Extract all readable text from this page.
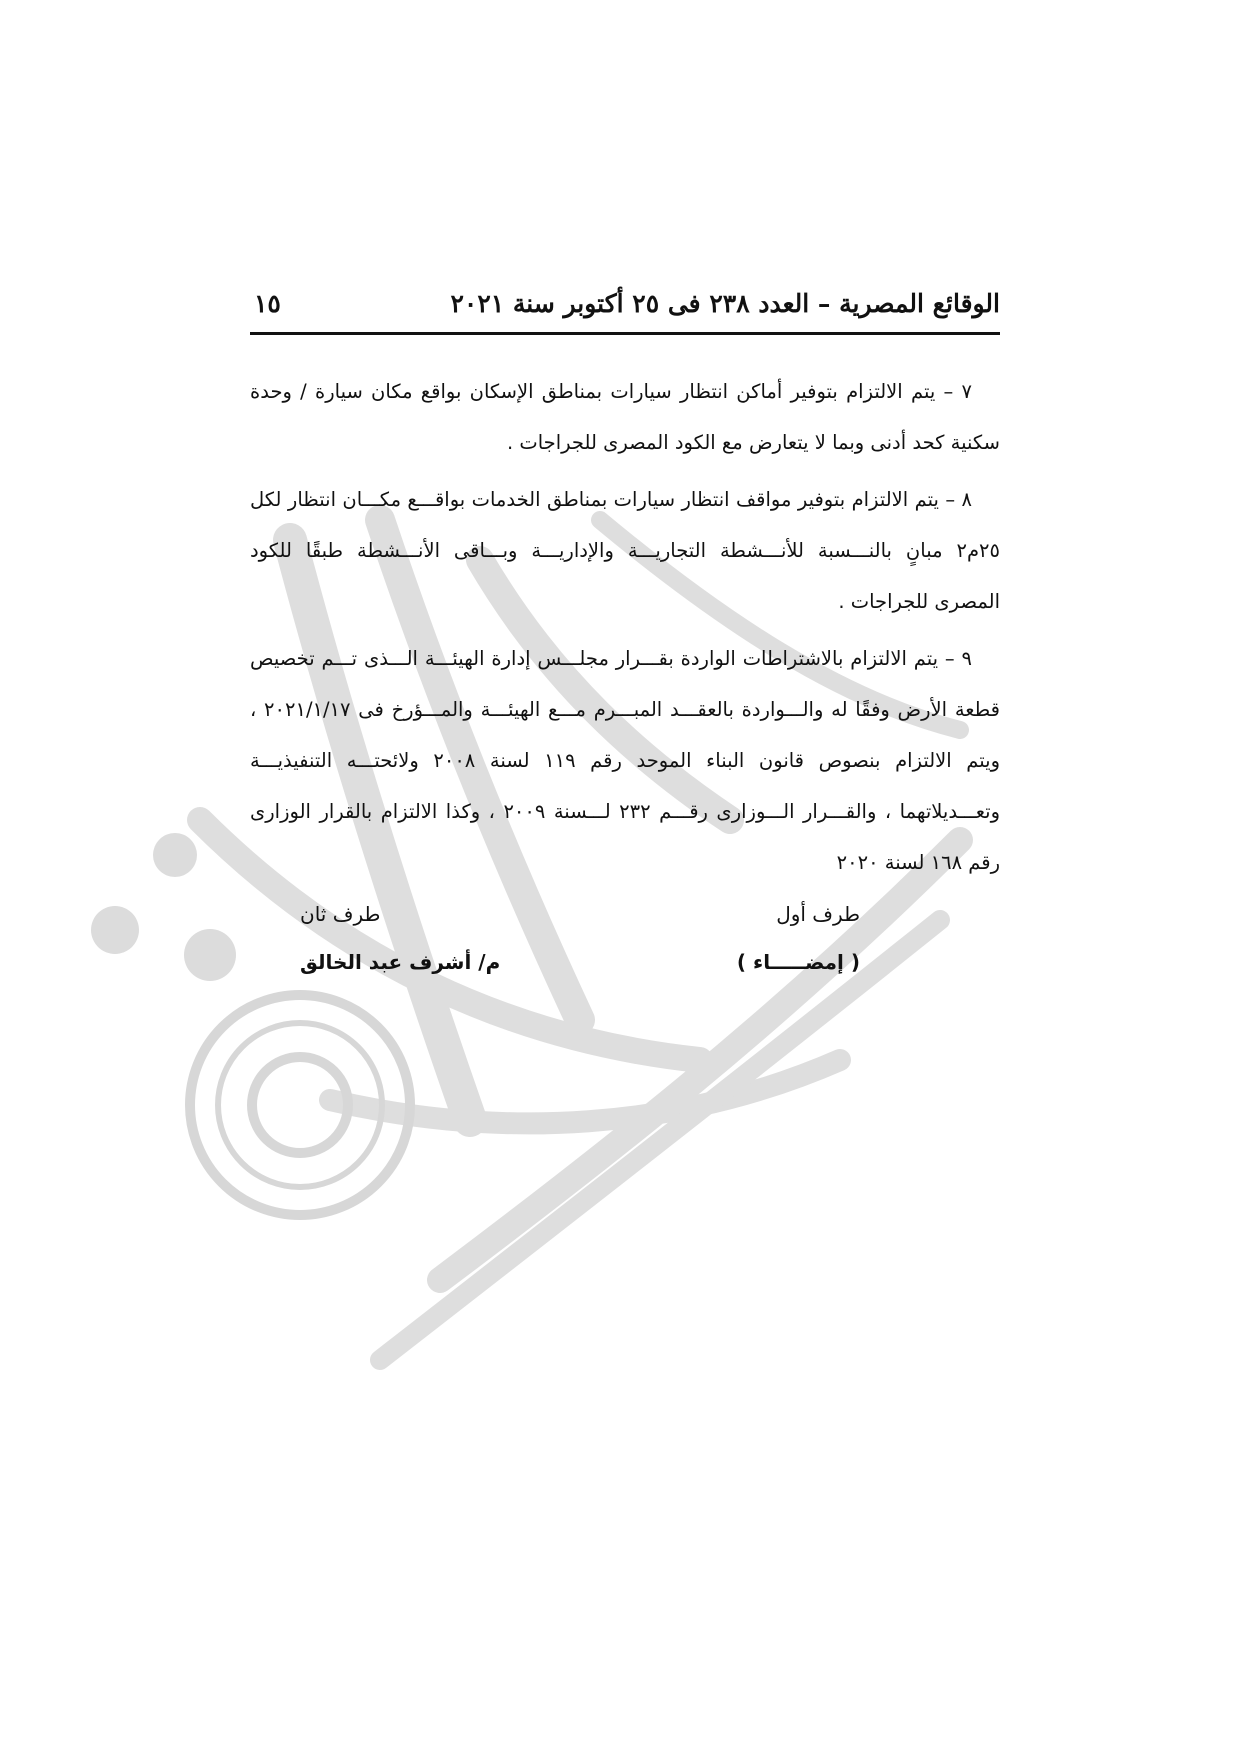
الوقائع المصرية – العدد ٢٣٨ فى ٢٥ أكتوبر سنة ٢٠٢١
١٥

٧ – يتم الالتزام بتوفير أماكن انتظار سيارات بمناطق الإسكان بواقع مكان سيارة / وحدة سكنية كحد أدنى وبما لا يتعارض مع الكود المصرى للجراجات .

٨ – يتم الالتزام بتوفير مواقف انتظار سيارات بمناطق الخدمات بواقـــع مكـــان انتظار لكل ٢٥م٢ مبانٍ بالنـــسبة للأنـــشطة التجاريـــة والإداريـــة وبـــاقى الأنـــشطة طبقًا للكود المصرى للجراجات .

٩ – يتم الالتزام بالاشتراطات الواردة بقـــرار مجلـــس إدارة الهيئـــة الـــذى تـــم تخصيص قطعة الأرض وفقًا له والـــواردة بالعقـــد المبـــرم مـــع الهيئـــة والمـــؤرخ فى ٢٠٢١/١/١٧ ، ويتم الالتزام بنصوص قانون البناء الموحد رقم ١١٩ لسنة ٢٠٠٨ ولائحتـــه التنفيذيـــة وتعـــديلاتهما ، والقـــرار الـــوزارى رقـــم ٢٣٢ لـــسنة ٢٠٠٩ ، وكذا الالتزام بالقرار الوزارى رقم ١٦٨ لسنة ٢٠٢٠

طرف أول
طرف ثان
( إمضـــــاء )
م/ أشرف عبد الخالق
